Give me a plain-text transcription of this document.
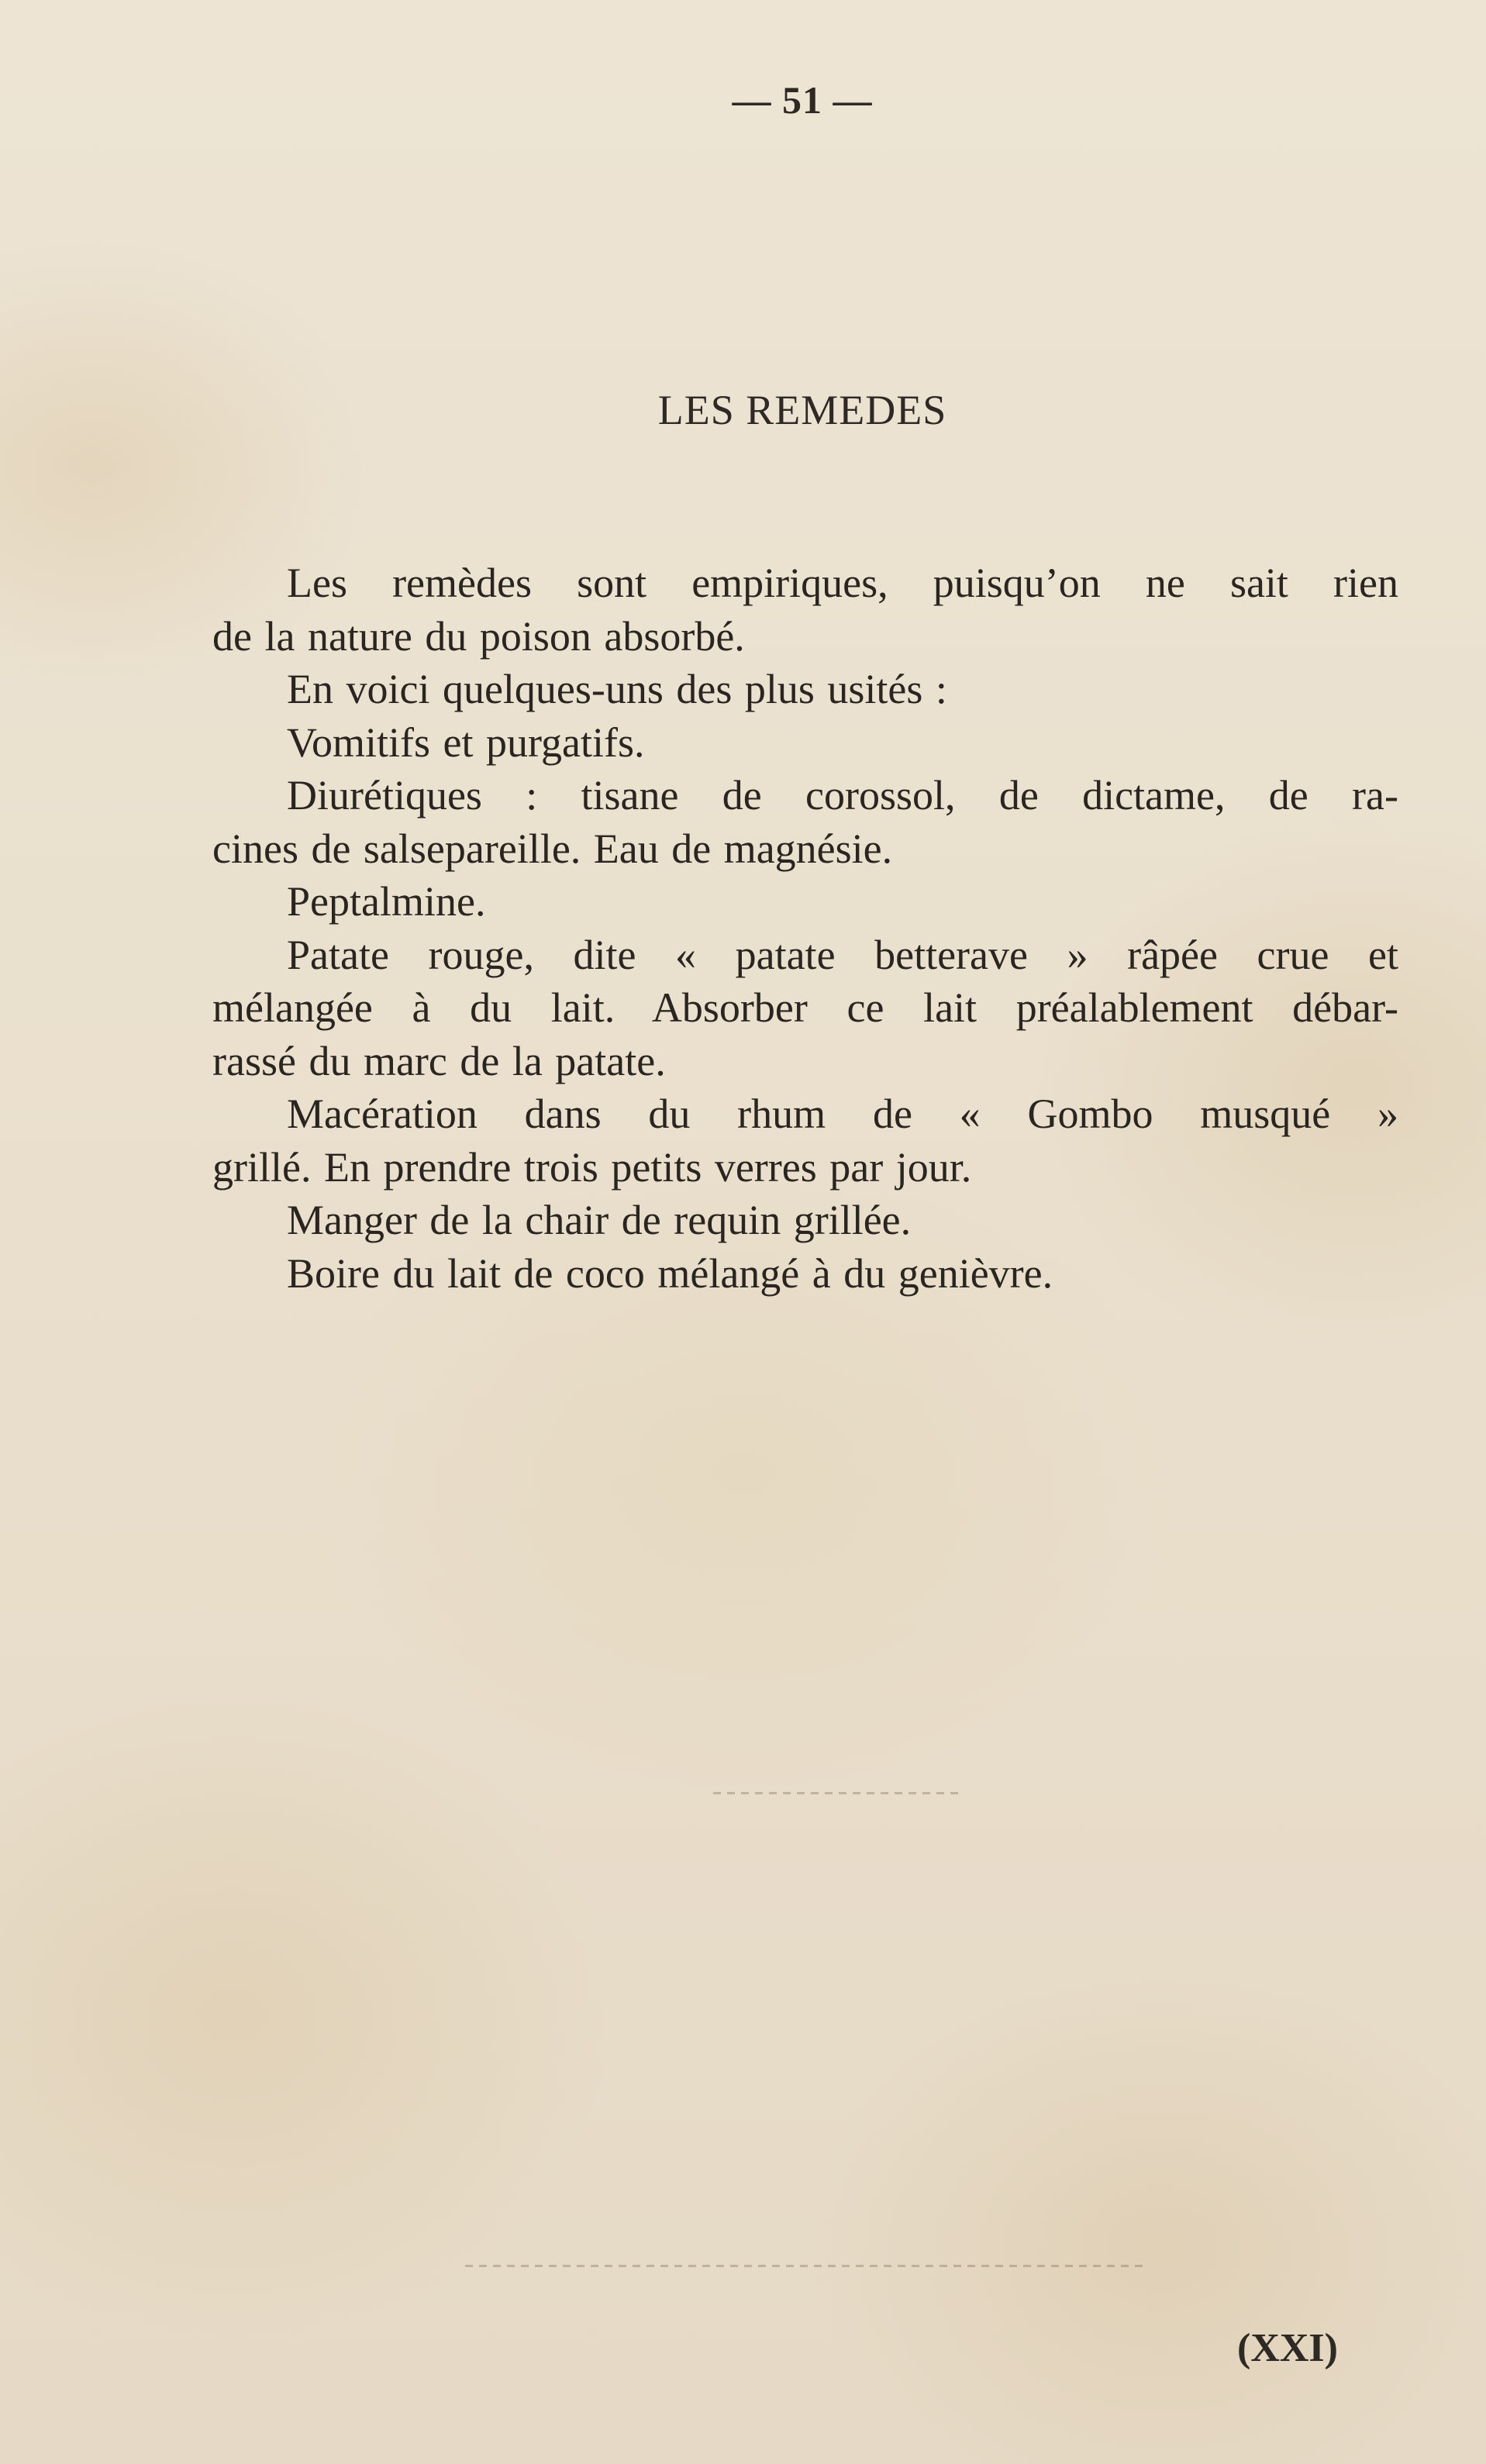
— 51 —
LES REMEDES

Les remèdes sont empiriques, puisqu’on ne sait rien
de la nature du poison absorbé.

En voici quelques-uns des plus usités :

Vomitifs et purgatifs.

Diurétiques : tisane de corossol, de dictame, de ra-
cines de salsepareille. Eau de magnésie.

Peptalmine.

Patate rouge, dite « patate betterave » râpée crue et
mélangée à du lait. Absorber ce lait préalablement débar-
rassé du marc de la patate.

Macération dans du rhum de « Gombo musqué »
grillé. En prendre trois petits verres par jour.

Manger de la chair de requin grillée.

Boire du lait de coco mélangé à du genièvre.

(XXI)
